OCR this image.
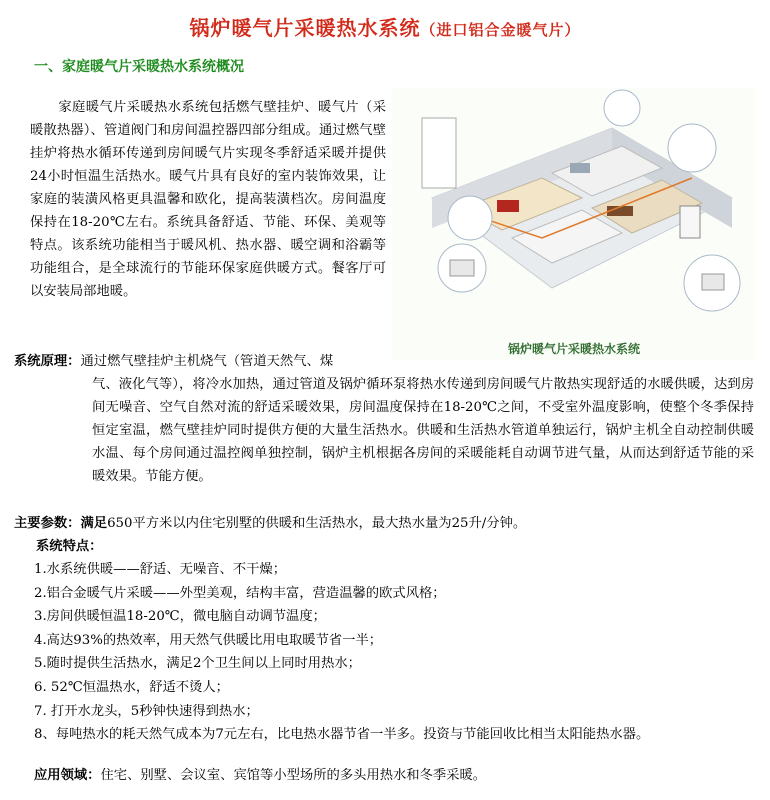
锅炉暖气片采暖热水系统（进口铝合金暖气片）
一、家庭暖气片采暖热水系统概况
家庭暖气片采暖热水系统包括燃气壁挂炉、暖气片（采暖散热器）、管道阀门和房间温控器四部分组成。通过燃气壁挂炉将热水循环传递到房间暖气片实现冬季舒适采暖并提供24小时恒温生活热水。暖气片具有良好的室内装饰效果，让家庭的装潢风格更具温馨和欧化，提高装潢档次。房间温度保持在18-20℃左右。系统具备舒适、节能、环保、美观等特点。该系统功能相当于暖风机、热水器、暖空调和浴霸等功能组合，是全球流行的节能环保家庭供暖方式。餐客厅可以安装局部地暖。
锅炉暖气片采暖热水系统
系统原理：通过燃气壁挂炉主机烧气（管道天然气、煤
气、液化气等），将冷水加热，通过管道及锅炉循环泵将热水传递到房间暖气片散热实现舒适的水暖供暖，达到房间无噪音、空气自然对流的舒适采暖效果，房间温度保持在18-20℃之间，不受室外温度影响，使整个冬季保持恒定室温，燃气壁挂炉同时提供方便的大量生活热水。供暖和生活热水管道单独运行，锅炉主机全自动控制供暖水温、每个房间通过温控阀单独控制，锅炉主机根据各房间的采暖能耗自动调节进气量，从而达到舒适节能的采暖效果。节能方便。
主要参数：满足650平方米以内住宅别墅的供暖和生活热水，最大热水量为25升/分钟。
系统特点：
1.水系统供暖——舒适、无噪音、不干燥；
2.铝合金暖气片采暖——外型美观，结构丰富，营造温馨的欧式风格；
3.房间供暖恒温18-20℃，微电脑自动调节温度；
4.高达93%的热效率，用天然气供暖比用电取暖节省一半；
5.随时提供生活热水，满足2个卫生间以上同时用热水；
6. 52℃恒温热水，舒适不烫人；
7. 打开水龙头，5秒钟快速得到热水；
8、每吨热水的耗天然气成本为7元左右，比电热水器节省一半多。投资与节能回收比相当太阳能热水器。
应用领域：住宅、别墅、会议室、宾馆等小型场所的多头用热水和冬季采暖。
